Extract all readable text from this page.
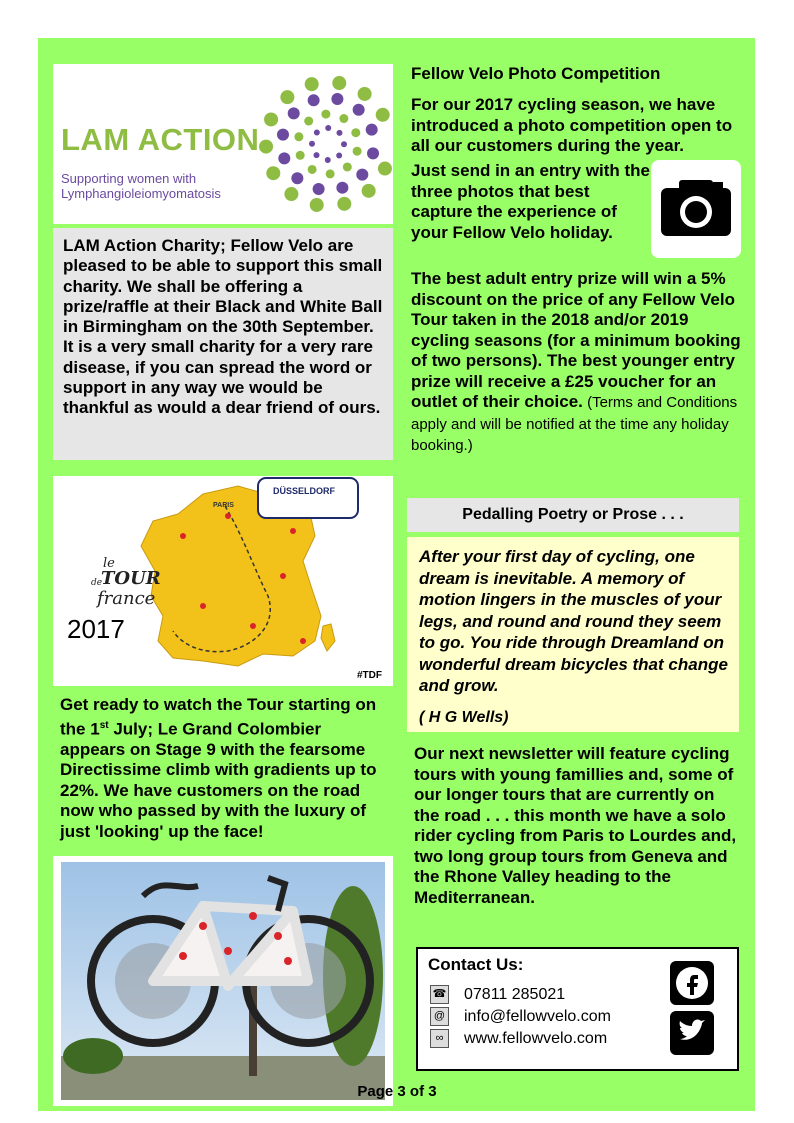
LAM ACTION
Supporting women with
Lymphangioleiomyomatosis
LAM Action Charity; Fellow Velo are pleased to be able to support this small charity. We shall be offering a prize/raffle at their Black and White Ball in Birmingham on the 30th September. It is a very small charity for a very rare disease, if you can spread the word or support in any way we would be thankful as would a dear friend of ours.
DÜSSELDORF
PARIS
le
TOUR
de
france
2017
#TDF
Get ready to watch the Tour starting on the 1st July; Le Grand Colombier appears on Stage 9 with the fearsome Directissime climb with gradients up to 22%. We have customers on the road now who passed by with the luxury of just 'looking' up the face!
Fellow Velo Photo Competition
For our 2017 cycling season, we have introduced a photo competition open to all our customers during the year.
Just send in an entry with the three photos that best capture the experience of your Fellow Velo holiday.
The best adult entry prize will win a 5% discount on the price of any Fellow Velo Tour taken in the 2018 and/or 2019 cycling seasons (for a minimum booking of two persons). The best younger entry prize will receive a £25 voucher for an outlet of their choice. (Terms and Conditions apply and will be notified at the time any holiday booking.)
Pedalling Poetry or Prose . . .
After your first day of cycling, one dream is inevitable. A memory of motion lingers in the muscles of your legs, and round and round they seem to go. You ride through Dreamland on wonderful dream bicycles that change and grow.
( H G Wells)
Our next newsletter will feature cycling tours with young famillies and, some of our longer tours that are currently on the road . . . this month we have a solo rider cycling from Paris to Lourdes and, two long group tours from Geneva and the Rhone Valley heading to the Mediterranean.
Contact Us:
☎ 07811 285021
@ info@fellowvelo.com
∞	www.fellowvelo.com
Page 3 of 3
